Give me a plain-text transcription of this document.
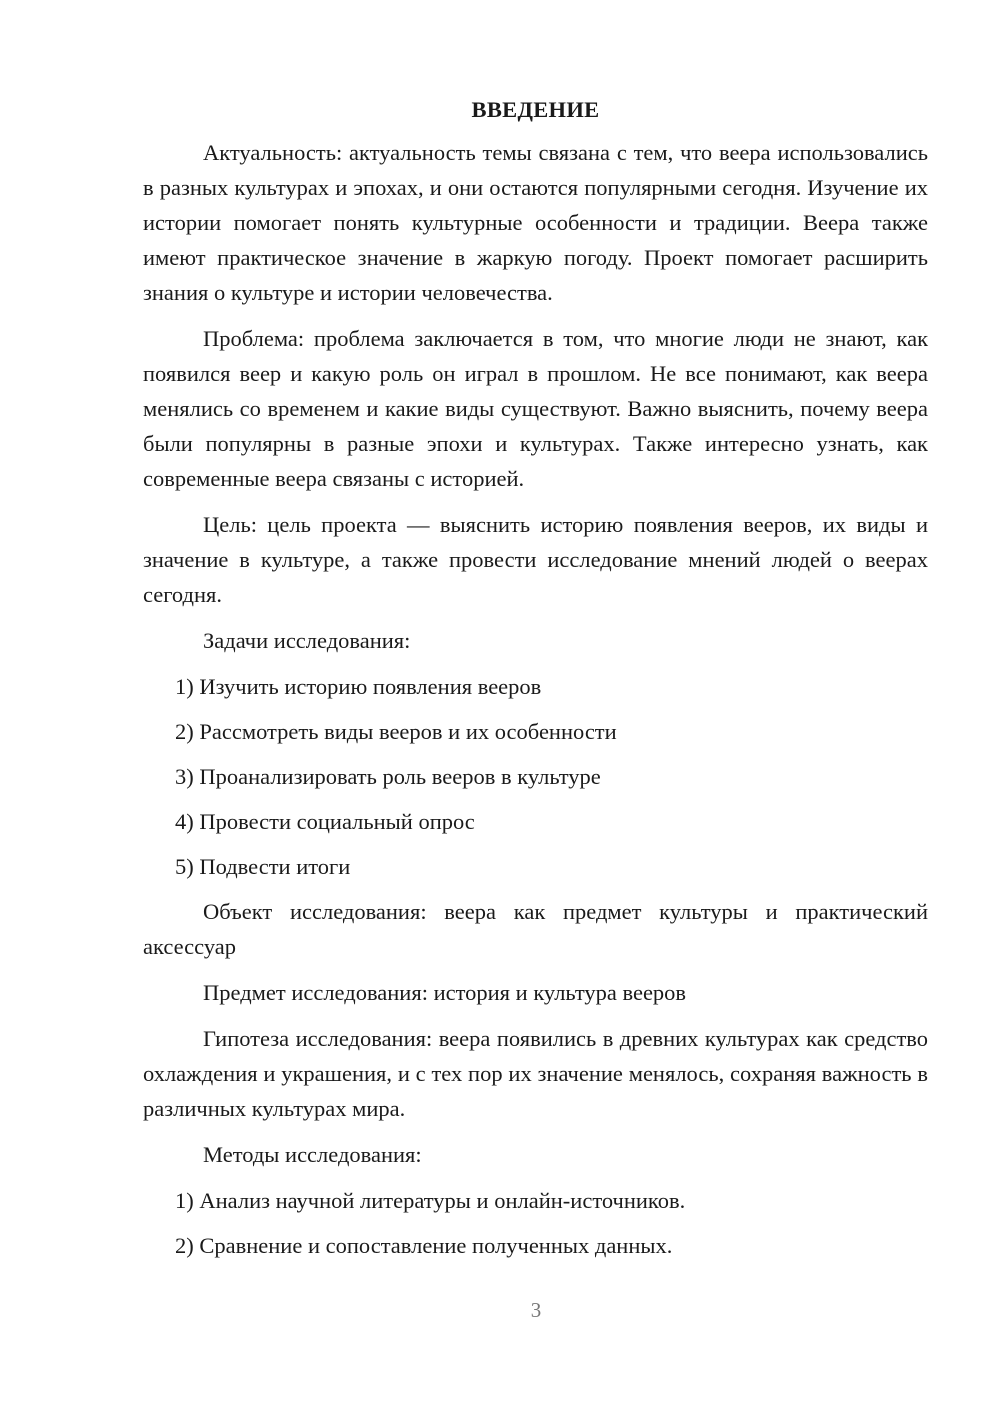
ВВЕДЕНИЕ

Актуальность: актуальность темы связана с тем, что веера использовались в разных культурах и эпохах, и они остаются популярными сегодня. Изучение их истории помогает понять культурные особенности и традиции. Веера также имеют практическое значение в жаркую погоду. Проект помогает расширить знания о культуре и истории человечества.

Проблема: проблема заключается в том, что многие люди не знают, как появился веер и какую роль он играл в прошлом. Не все понимают, как веера менялись со временем и какие виды существуют. Важно выяснить, почему веера были популярны в разные эпохи и культурах. Также интересно узнать, как современные веера связаны с историей.

Цель: цель проекта — выяснить историю появления вееров, их виды и значение в культуре, а также провести исследование мнений людей о веерах сегодня.

Задачи исследования:

1) Изучить историю появления вееров
2) Рассмотреть виды вееров и их особенности
3) Проанализировать роль вееров в культуре
4) Провести социальный опрос
5) Подвести итоги

Объект исследования: веера как предмет культуры и практический аксессуар

Предмет исследования: история и культура вееров

Гипотеза исследования: веера появились в древних культурах как средство охлаждения и украшения, и с тех пор их значение менялось, сохраняя важность в различных культурах мира.

Методы исследования:

1) Анализ научной литературы и онлайн-источников.
2) Сравнение и сопоставление полученных данных.
3
